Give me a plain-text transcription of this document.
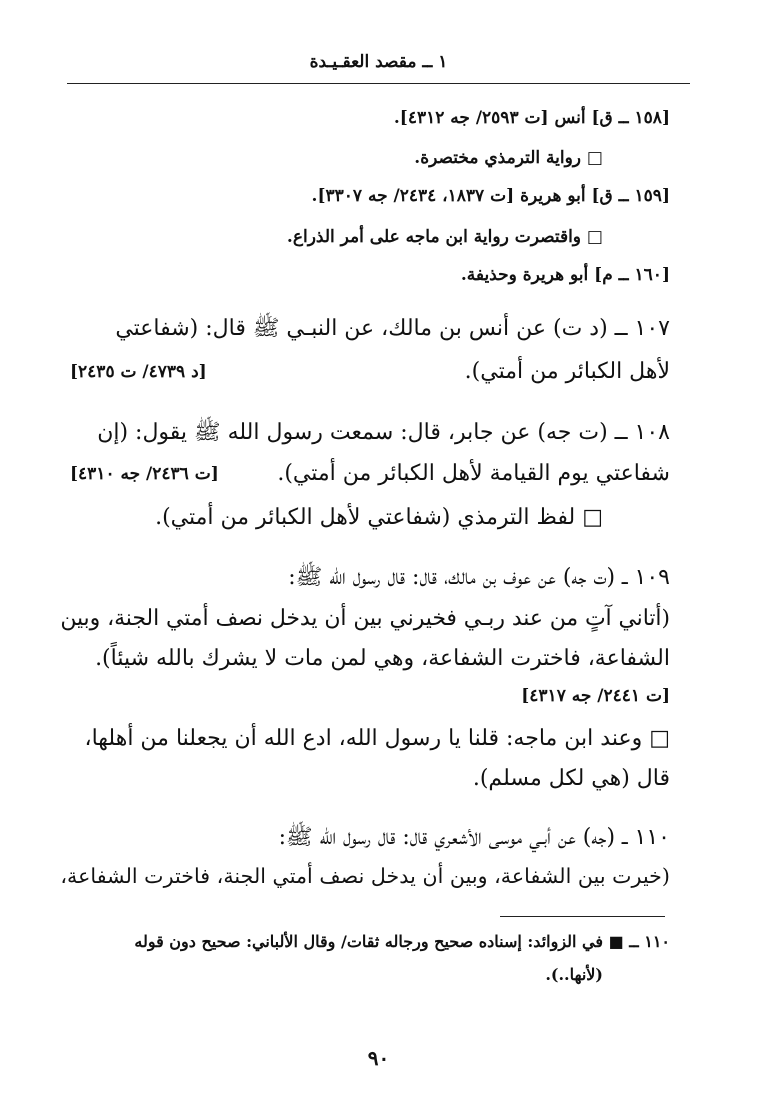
١ ــ مقصد العقـيـدة
[١٥٨ ــ ق] أنس [ت ٢٥٩٣/ جه ٤٣١٢].
□ رواية الترمذي مختصرة.
[١٥٩ ــ ق] أبو هريرة [ت ١٨٣٧، ٢٤٣٤/ جه ٣٣٠٧].
□ واقتصرت رواية ابن ماجه على أمر الذراع.
[١٦٠ ــ م] أبو هريرة وحذيفة.
١٠٧ ــ (د ت) عن أنس بن مالك، عن النبـي ﷺ قال: (شفاعتي
لأهل الكبائر من أمتي).
[د ٤٧٣٩/ ت ٢٤٣٥]
١٠٨ ــ (ت جه) عن جابر، قال: سمعت رسول الله ﷺ يقول: (إن
شفاعتي يوم القيامة لأهل الكبائر من أمتي).
[ت ٢٤٣٦/ جه ٤٣١٠]
□ لفظ الترمذي (شفاعتي لأهل الكبائر من أمتي).
١٠٩ ــ (ت جه) عن عوف بن مالك، قال: قال رسول الله ﷺ:
(أتاني آتٍ من عند ربـي فخيرني بين أن يدخل نصف أمتي الجنة، وبين
الشفاعة، فاخترت الشفاعة، وهي لمن مات لا يشرك بالله شيئاً).
[ت ٢٤٤١/ جه ٤٣١٧]
□ وعند ابن ماجه: قلنا يا رسول الله، ادع الله أن يجعلنا من أهلها،
قال (هي لكل مسلم).
١١٠ ــ (جه) عن أبـي موسى الأشعري قال: قال رسول الله ﷺ:
(خيرت بين الشفاعة، وبين أن يدخل نصف أمتي الجنة، فاخترت الشفاعة،
١١٠ ــ ■ في الزوائد: إسناده صحيح ورجاله ثقات/ وقال الألباني: صحيح دون قوله
(لأنها..).
٩٠
